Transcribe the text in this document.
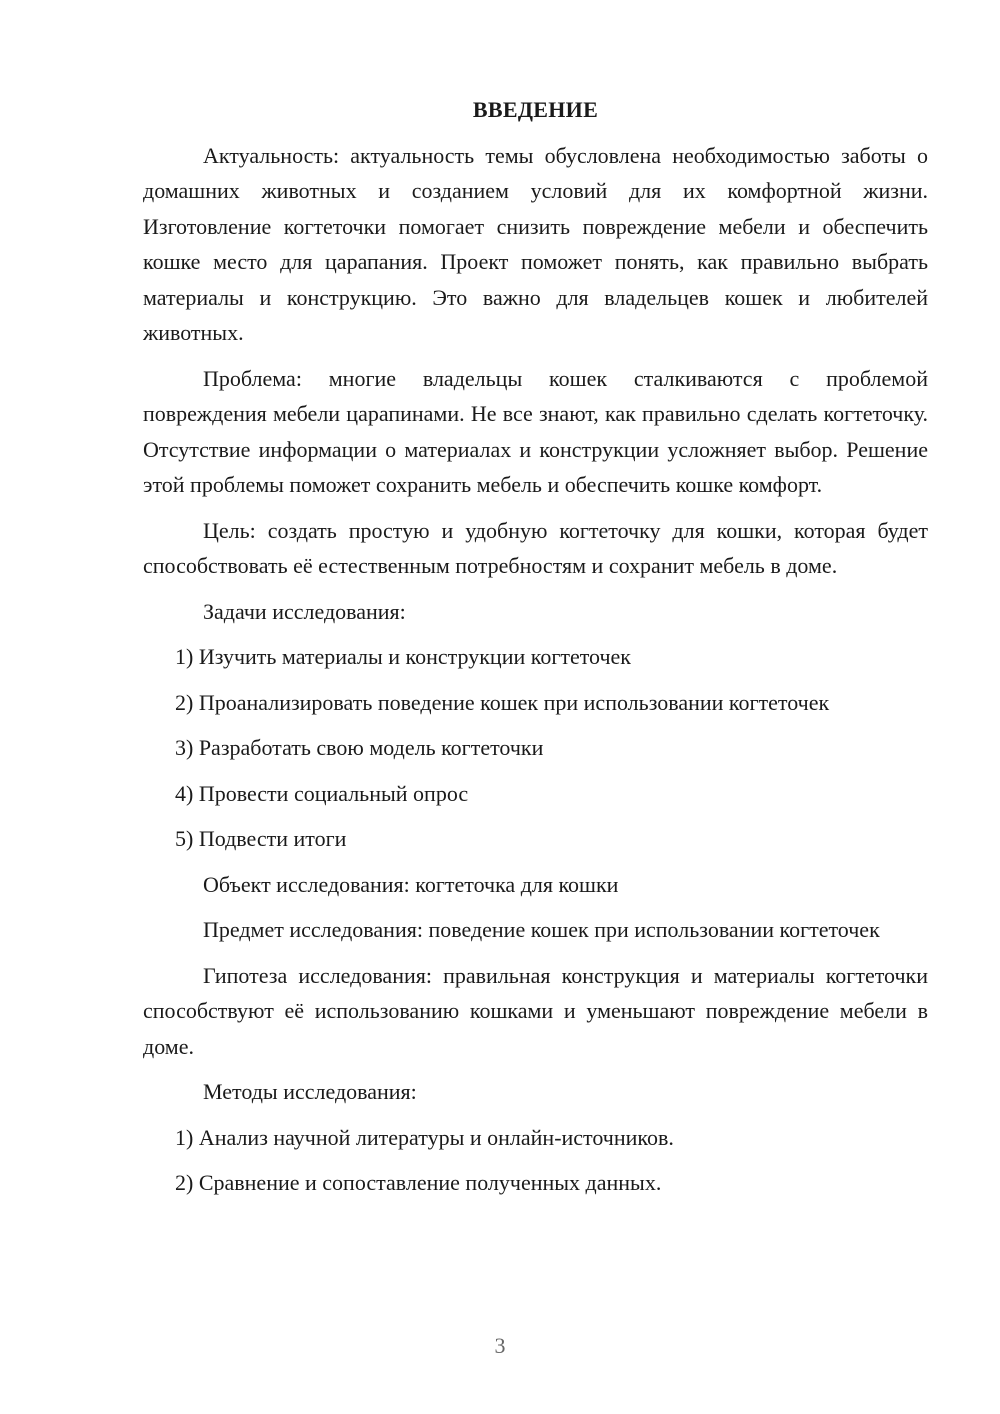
ВВЕДЕНИЕ

Актуальность: актуальность темы обусловлена необходимостью заботы о домашних животных и созданием условий для их комфортной жизни. Изготовление когтеточки помогает снизить повреждение мебели и обеспечить кошке место для царапания. Проект поможет понять, как правильно выбрать материалы и конструкцию. Это важно для владельцев кошек и любителей животных.

Проблема: многие владельцы кошек сталкиваются с проблемой повреждения мебели царапинами. Не все знают, как правильно сделать когтеточку. Отсутствие информации о материалах и конструкции усложняет выбор. Решение этой проблемы поможет сохранить мебель и обеспечить кошке комфорт.

Цель: создать простую и удобную когтеточку для кошки, которая будет способствовать её естественным потребностям и сохранит мебель в доме.

Задачи исследования:
1) Изучить материалы и конструкции когтеточек
2) Проанализировать поведение кошек при использовании когтеточек
3) Разработать свою модель когтеточки
4) Провести социальный опрос
5) Подвести итоги
Объект исследования: когтеточка для кошки

Предмет исследования: поведение кошек при использовании когтеточек

Гипотеза исследования: правильная конструкция и материалы когтеточки способствуют её использованию кошками и уменьшают повреждение мебели в доме.

Методы исследования:
1) Анализ научной литературы и онлайн-источников.
2) Сравнение и сопоставление полученных данных.
3
